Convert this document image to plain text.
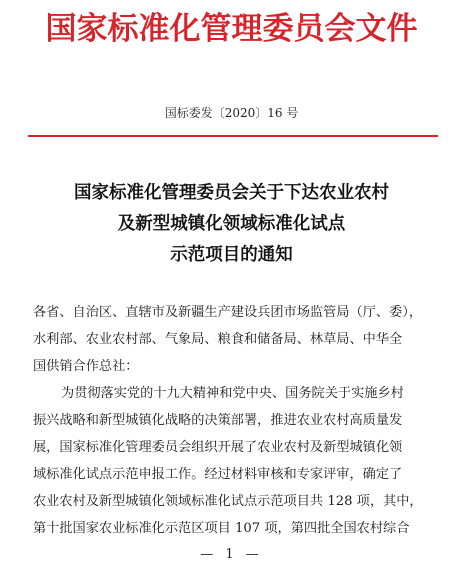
国家标准化管理委员会文件
国标委发〔2020〕16 号
国家标准化管理委员会关于下达农业农村
及新型城镇化领域标准化试点
示范项目的通知
各省、自治区、直辖市及新疆生产建设兵团市场监管局（厅、委），
水利部、农业农村部、气象局、粮食和储备局、林草局、中华全
国供销合作总社：
为贯彻落实党的十九大精神和党中央、国务院关于实施乡村
振兴战略和新型城镇化战略的决策部署，推进农业农村高质量发
展，国家标准化管理委员会组织开展了农业农村及新型城镇化领
域标准化试点示范申报工作。经过材料审核和专家评审，确定了
农业农村及新型城镇化领域标准化试点示范项目共 128 项，其中，
第十批国家农业标准化示范区项目 107 项，第四批全国农村综合
— 1 —
